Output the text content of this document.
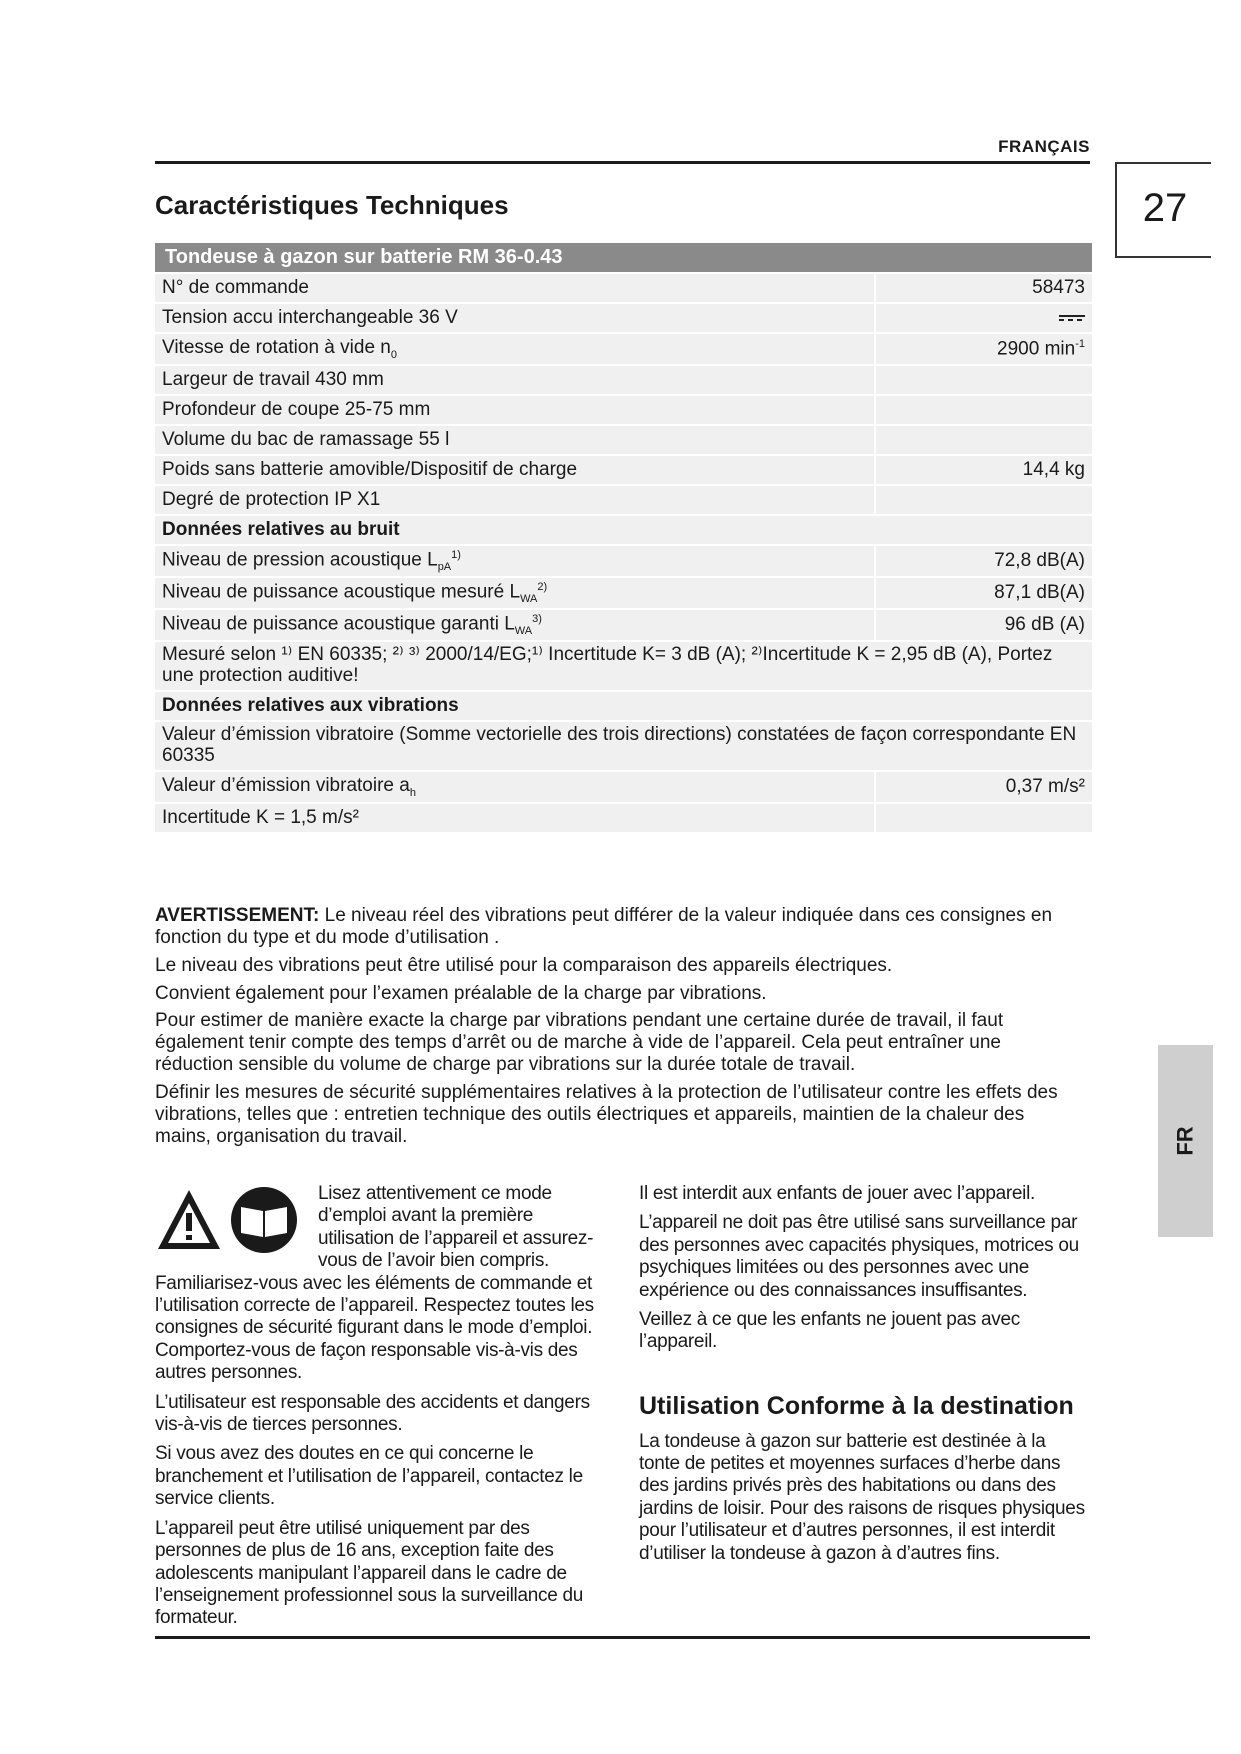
FRANÇAIS
27
Caractéristiques Techniques
Tondeuse à gazon sur batterie RM 36-0.43	
N° de commande	58473
Tension accu interchangeable 36 V	

Vitesse de rotation à vide $n_0$	2900 $\min^{-1}$
Largeur de travail 430 mm	
Profondeur de coupe 25-75 mm	
Volume du bac de ramassage 55 l	
Poids sans batterie amovible/Dispositif de charge	14,4 kg
Degré de protection IP X1	
Données relatives au bruit	
Niveau de pression acoustique $L_{pA}^{1)}$	72,8 dB(A)
Niveau de puissance acoustique mesuré $L_{WA}^{2)}$	87,1 dB(A)
Niveau de puissance acoustique garanti $L_{WA}^{3)}$	96 dB (A)
Mesuré selon ¹⁾ EN 60335; ²⁾ ³⁾ 2000/14/EG;¹⁾ Incertitude K= 3 dB (A); ²⁾Incertitude K = 2,95 dB (A), Portez une protection auditive!	
Données relatives aux vibrations	
Valeur d’émission vibratoire (Somme vectorielle des trois directions) constatées de façon correspondante EN 60335	
Valeur d’émission vibratoire $a_h$	0,37 m/s²
Incertitude K = 1,5 m/s²	

AVERTISSEMENT: Le niveau réel des vibrations peut différer de la valeur indiquée dans ces consignes en fonction du type et du mode d’utilisation .

Le niveau des vibrations peut être utilisé pour la comparaison des appareils électriques.

Convient également pour l’examen préalable de la charge par vibrations.

Pour estimer de manière exacte la charge par vibrations pendant une certaine durée de travail, il faut également tenir compte des temps d’arrêt ou de marche à vide de l’appareil. Cela peut entraîner une réduction sensible du volume de charge par vibrations sur la durée totale de travail.

Définir les mesures de sécurité supplémentaires relatives à la protection de l’utilisateur contre les effets des vibrations, telles que : entretien technique des outils électriques et appareils, maintien de la chaleur des mains, organisation du travail.

Lisez attentivement ce mode d’emploi avant la première utilisation de l’appareil et assurez-vous de l’avoir bien compris. Familiarisez-vous avec les éléments de commande et l’utilisation correcte de l’appareil. Respectez toutes les consignes de sécurité figurant dans le mode d’emploi. Comportez-vous de façon responsable vis-à-vis des autres personnes.

L’utilisateur est responsable des accidents et dangers vis-à-vis de tierces personnes.

Si vous avez des doutes en ce qui concerne le branchement et l’utilisation de l’appareil, contactez le service clients.

L’appareil peut être utilisé uniquement par des personnes de plus de 16 ans, exception faite des adolescents manipulant l’appareil dans le cadre de l’enseignement professionnel sous la surveillance du formateur.

Il est interdit aux enfants de jouer avec l’appareil.

L’appareil ne doit pas être utilisé sans surveillance par des personnes avec capacités physiques, motrices ou psychiques limitées ou des personnes avec une expérience ou des connaissances insuffisantes.

Veillez à ce que les enfants ne jouent pas avec l’appareil.

Utilisation Conforme à la destination

La tondeuse à gazon sur batterie est destinée à la tonte de petites et moyennes surfaces d’herbe dans des jardins privés près des habitations ou dans des jardins de loisir. Pour des raisons de risques physiques pour l’utilisateur et d’autres personnes, il est interdit d’utiliser la tondeuse à gazon à d’autres fins.

FR
